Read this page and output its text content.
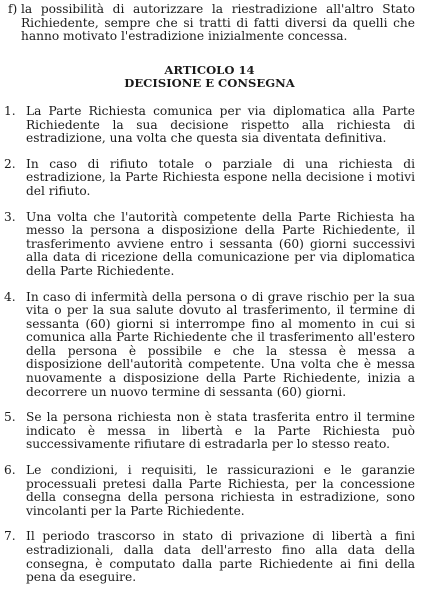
f) la possibilità di autorizzare la riestradizione all'altro Stato Richiedente, sempre che si tratti di fatti diversi da quelli che hanno motivato l'estradizione inizialmente concessa.
ARTICOLO 14
DECISIONE E CONSEGNA
1. La Parte Richiesta comunica per via diplomatica alla Parte Richiedente la sua decisione rispetto alla richiesta di estradizione, una volta che questa sia diventata definitiva.
2. In caso di rifiuto totale o parziale di una richiesta di estradizione, la Parte Richiesta espone nella decisione i motivi del rifiuto.
3. Una volta che l'autorità competente della Parte Richiesta ha messo la persona a disposizione della Parte Richiedente, il trasferimento avviene entro i sessanta (60) giorni successivi alla data di ricezione della comunicazione per via diplomatica della Parte Richiedente.
4. In caso di infermità della persona o di grave rischio per la sua vita o per la sua salute dovuto al trasferimento, il termine di sessanta (60) giorni si interrompe fino al momento in cui si comunica alla Parte Richiedente che il trasferimento all'estero della persona è possibile e che la stessa è messa a disposizione dell'autorità competente. Una volta che è messa nuovamente a disposizione della Parte Richiedente, inizia a decorrere un nuovo termine di sessanta (60) giorni.
5. Se la persona richiesta non è stata trasferita entro il termine indicato è messa in libertà e la Parte Richiesta può successivamente rifiutare di estradarla per lo stesso reato.
6. Le condizioni, i requisiti, le rassicurazioni e le garanzie processuali pretesi dalla Parte Richiesta, per la concessione della consegna della persona richiesta in estradizione, sono vincolanti per la Parte Richiedente.
7. Il periodo trascorso in stato di privazione di libertà a fini estradizionali, dalla data dell'arresto fino alla data della consegna, è computato dalla parte Richiedente ai fini della pena da eseguire.
